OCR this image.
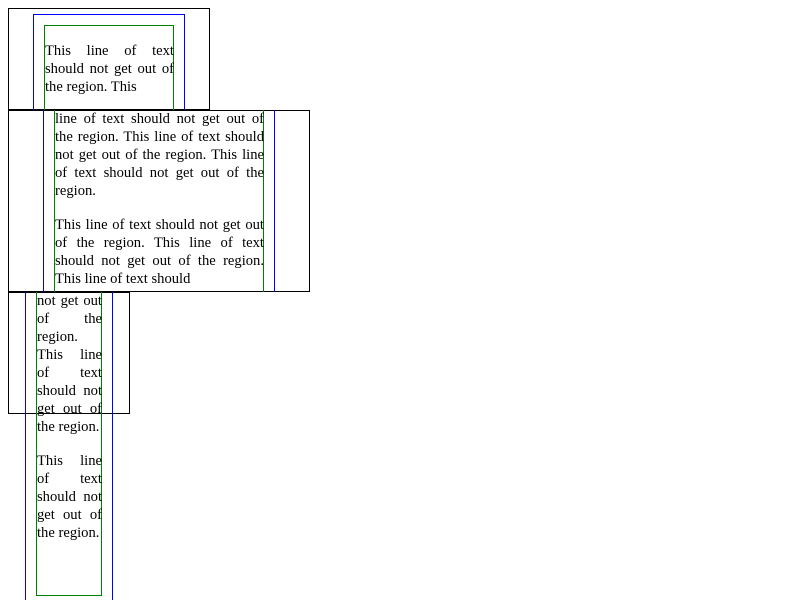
This line of text should not get out of the region. This

line of text should not get out of the region. This line of text should not get out of the region. This line of text should not get out of the region.

This line of text should not get out of the region. This line of text should not get out of the region. This line of text should

not get out of the region. This line of text should not get out of the region.

This line of text should not get out of the region.
